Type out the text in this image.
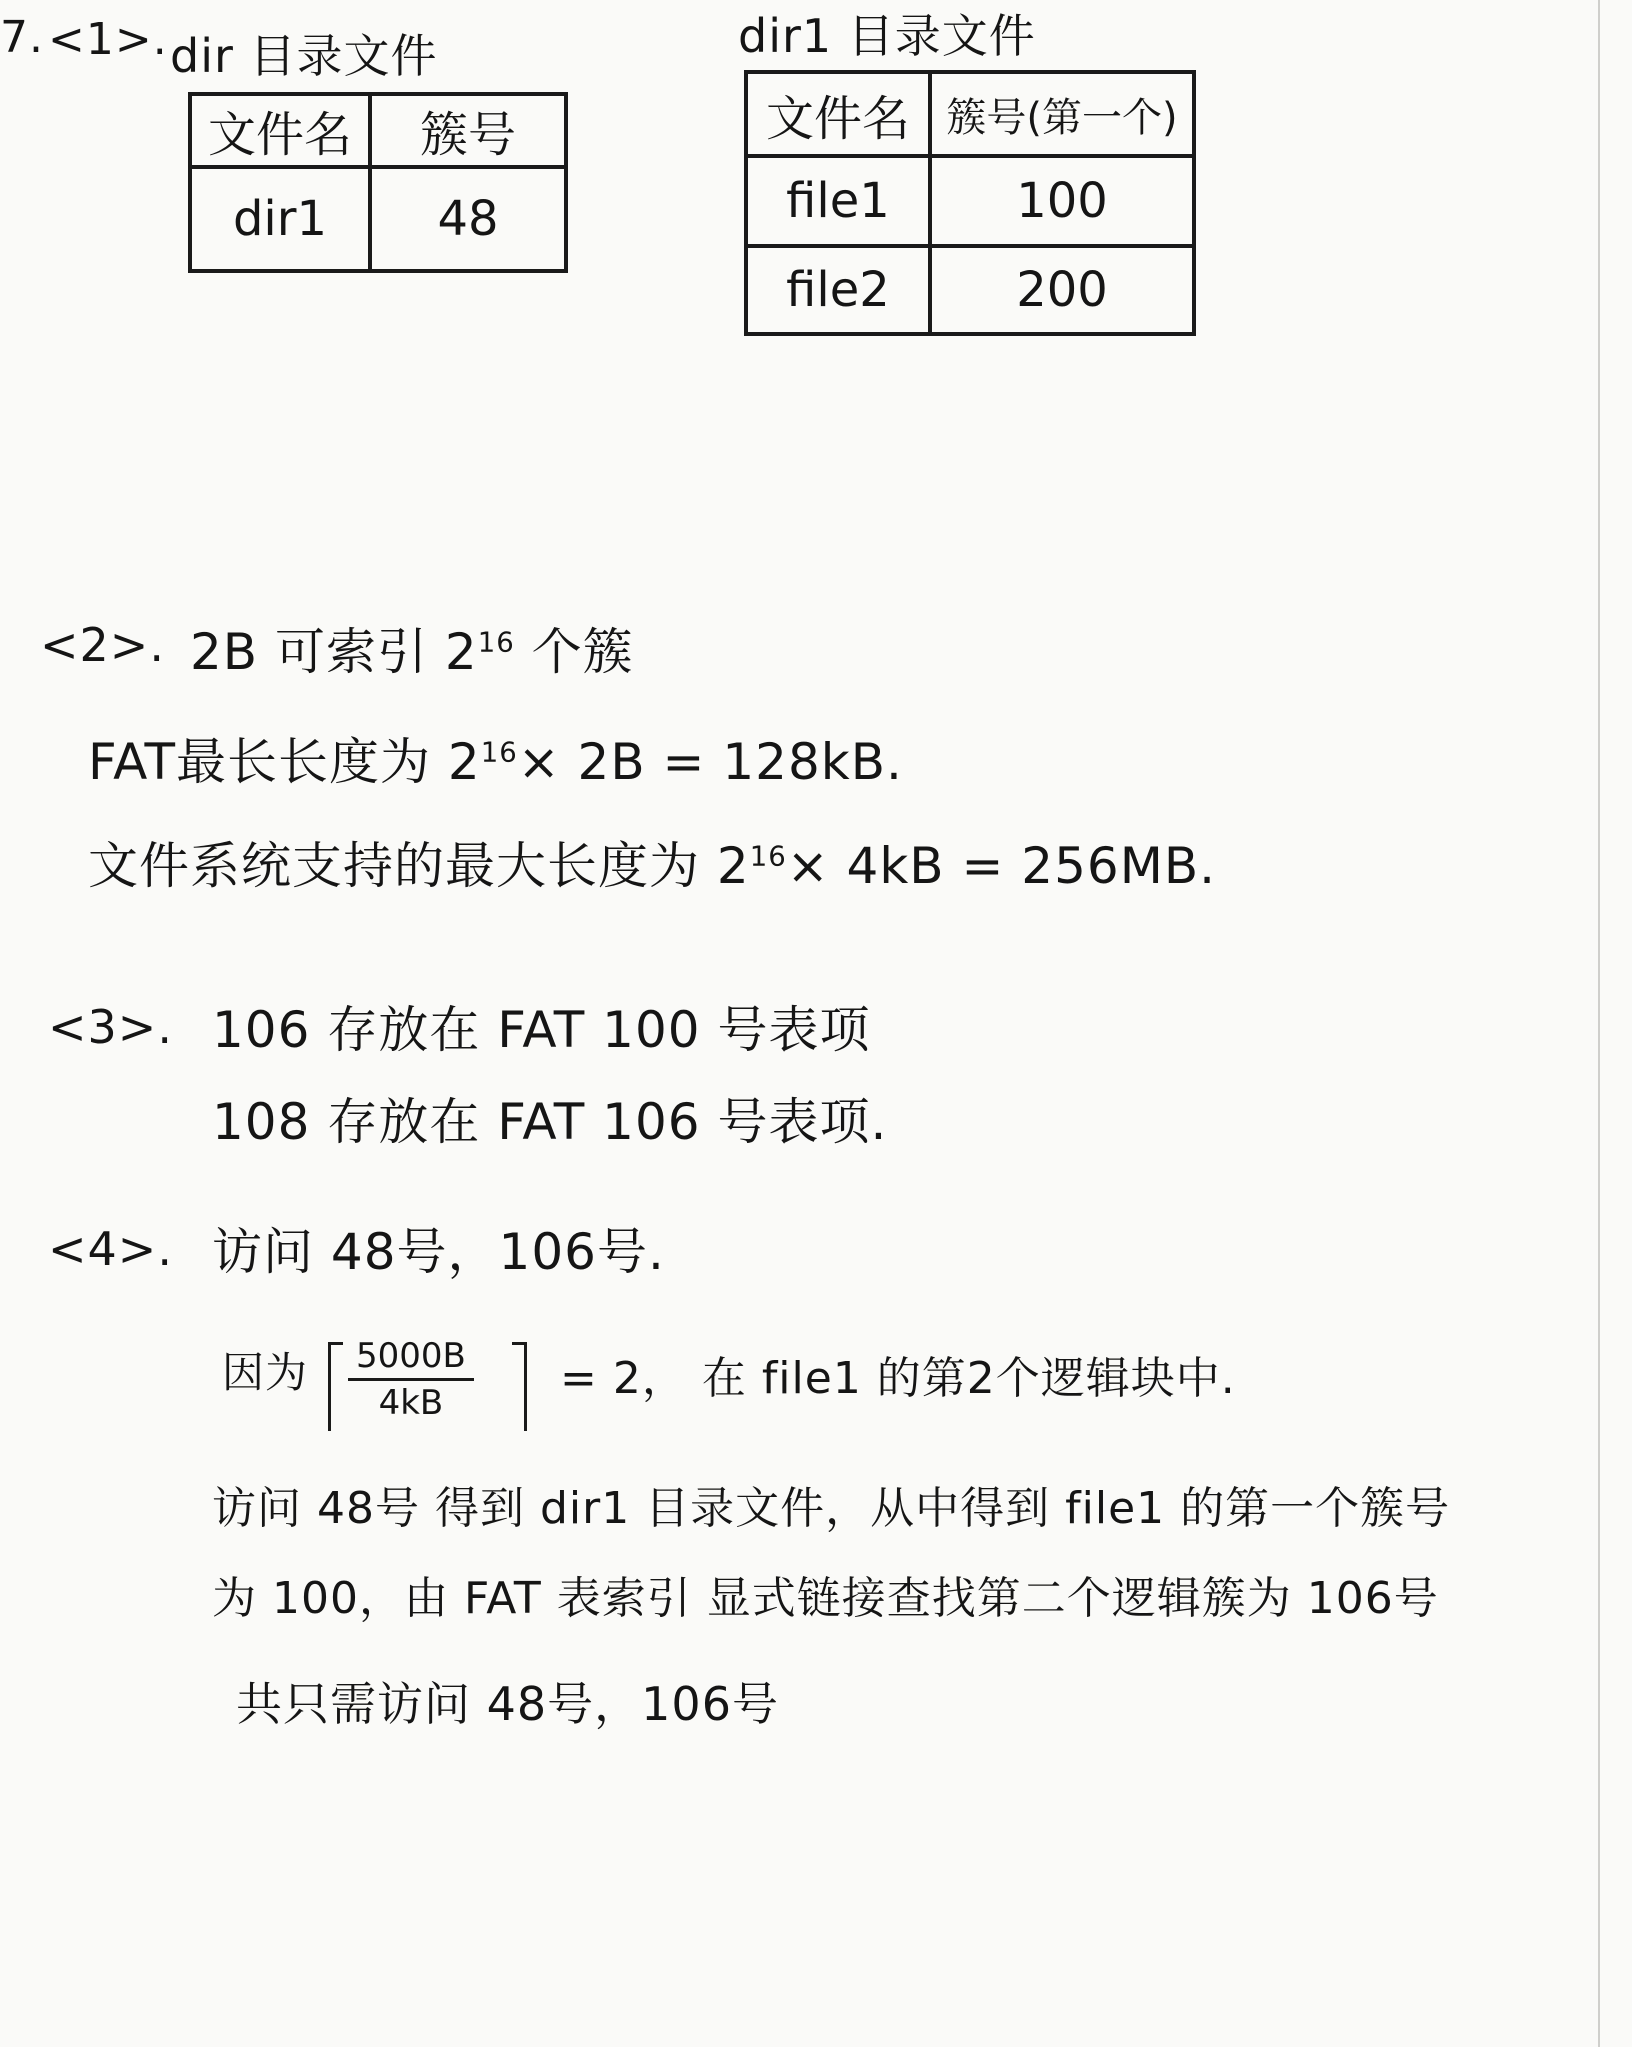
7. <1>. dir 目录文件
文件名	簇号
dir1	48
dir1 目录文件
文件名	簇号(第一个)
file1	100
file2	200
<2>. 2B 可索引 $2^{16}$ 个簇
FAT最长长度为 $2^{16}\times 2B = 128kB$.
文件系统支持的最大长度为 $2^{16}\times 4kB = 256MB$.
<3>. 106 存放在 FAT 100 号表项
108 存放在 FAT 106 号表项.
<4>. 访问 48号，106号.
因为 $\frac{5000B}{4kB} = 2$， 在 file1 的第2个逻辑块中.
访问 48号 得到 dir1 目录文件，从中得到 file1 的第一个簇号
为 100，由 FAT 表索引 显式链接查找第二个逻辑簇为 106号
共只需访问 48号，106号
